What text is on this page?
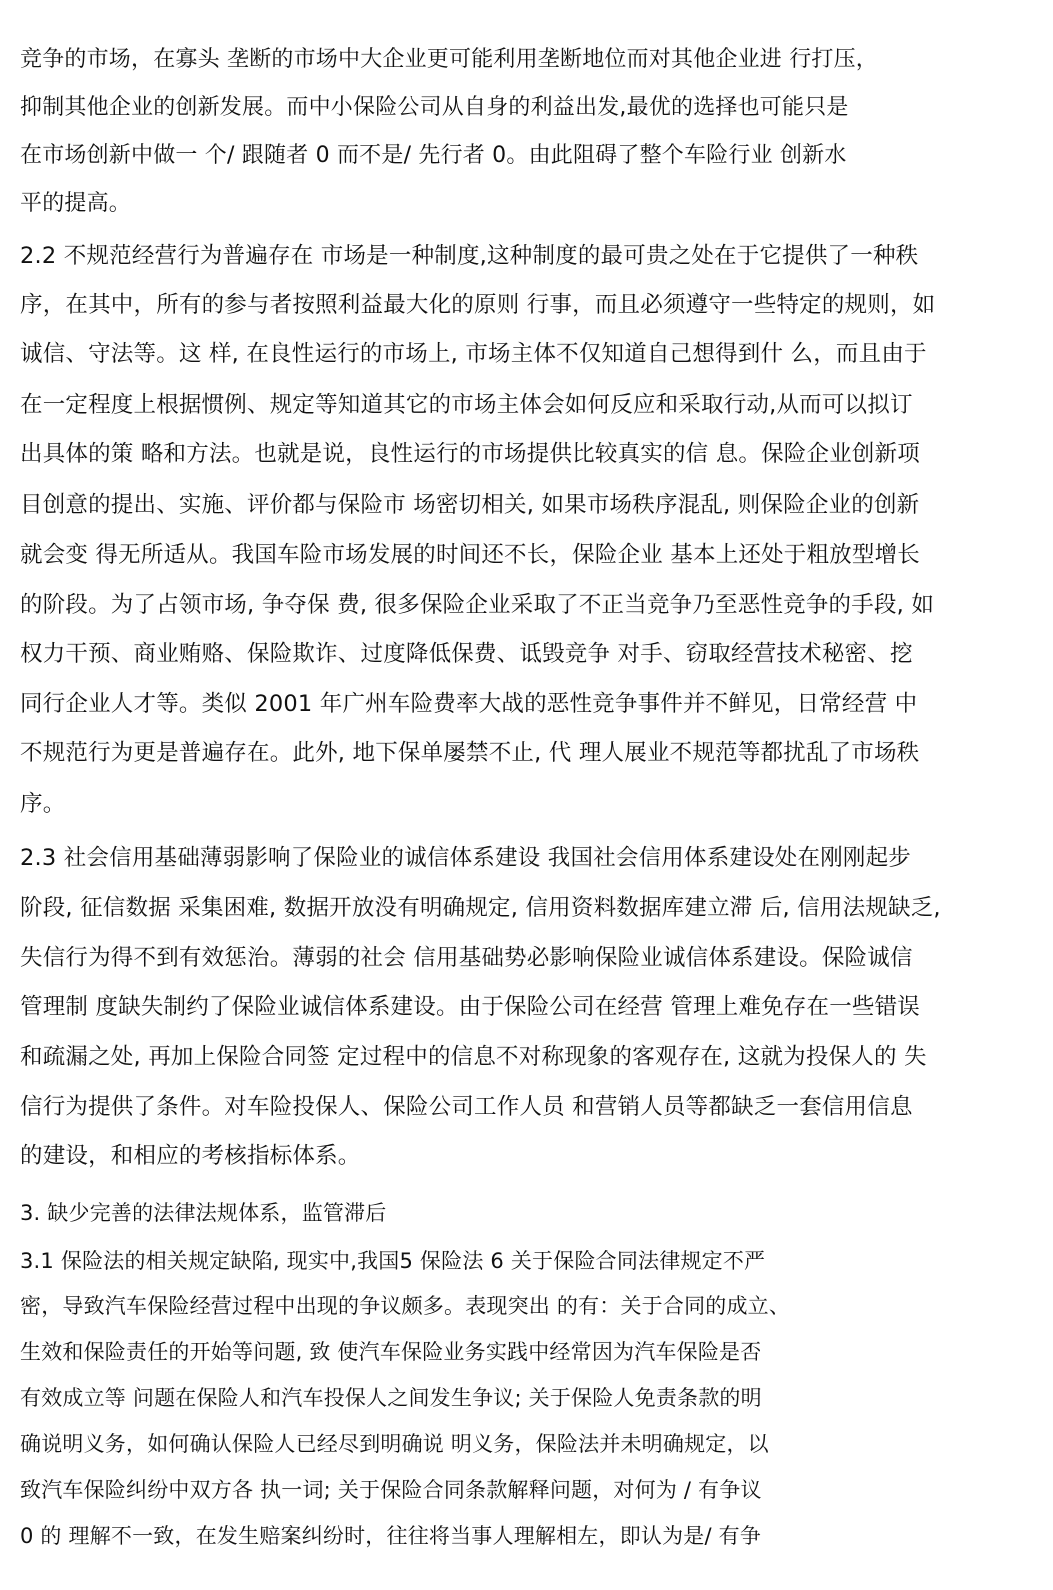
竞争的市场，在寡头 垄断的市场中大企业更可能利用垄断地位而对其他企业进 行打压，
抑制其他企业的创新发展。而中小保险公司从自身的利益出发,最优的选择也可能只是
在市场创新中做一 个/ 跟随者 0 而不是/ 先行者 0。由此阻碍了整个车险行业 创新水
平的提高。
2.2 不规范经营行为普遍存在 市场是一种制度,这种制度的最可贵之处在于它提供了一种秩
序，在其中，所有的参与者按照利益最大化的原则 行事，而且必须遵守一些特定的规则，如
诚信、守法等。这 样, 在良性运行的市场上, 市场主体不仅知道自己想得到什 么，而且由于
在一定程度上根据惯例、规定等知道其它的市场主体会如何反应和采取行动,从而可以拟订
出具体的策 略和方法。也就是说，良性运行的市场提供比较真实的信 息。保险企业创新项
目创意的提出、实施、评价都与保险市 场密切相关, 如果市场秩序混乱, 则保险企业的创新
就会变 得无所适从。我国车险市场发展的时间还不长，保险企业 基本上还处于粗放型增长
的阶段。为了占领市场, 争夺保 费, 很多保险企业采取了不正当竞争乃至恶性竞争的手段, 如
权力干预、商业贿赂、保险欺诈、过度降低保费、诋毁竞争 对手、窃取经营技术秘密、挖
同行企业人才等。类似 2001 年广州车险费率大战的恶性竞争事件并不鲜见，日常经营 中
不规范行为更是普遍存在。此外, 地下保单屡禁不止, 代 理人展业不规范等都扰乱了市场秩
序。
2.3 社会信用基础薄弱影响了保险业的诚信体系建设 我国社会信用体系建设处在刚刚起步
阶段, 征信数据 采集困难, 数据开放没有明确规定, 信用资料数据库建立滞 后, 信用法规缺乏,
失信行为得不到有效惩治。薄弱的社会 信用基础势必影响保险业诚信体系建设。保险诚信
管理制 度缺失制约了保险业诚信体系建设。由于保险公司在经营 管理上难免存在一些错误
和疏漏之处, 再加上保险合同签 定过程中的信息不对称现象的客观存在, 这就为投保人的 失
信行为提供了条件。对车险投保人、保险公司工作人员 和营销人员等都缺乏一套信用信息
的建设，和相应的考核指标体系。
3. 缺少完善的法律法规体系，监管滞后
3.1 保险法的相关规定缺陷, 现实中,我国5 保险法 6 关于保险合同法律规定不严
密，导致汽车保险经营过程中出现的争议颇多。表现突出 的有：关于合同的成立、
生效和保险责任的开始等问题, 致 使汽车保险业务实践中经常因为汽车保险是否
有效成立等 问题在保险人和汽车投保人之间发生争议; 关于保险人免责条款的明
确说明义务，如何确认保险人已经尽到明确说 明义务，保险法并未明确规定，以
致汽车保险纠纷中双方各 执一词; 关于保险合同条款解释问题，对何为 / 有争议
0 的 理解不一致，在发生赔案纠纷时，往往将当事人理解相左，即认为是/ 有争
